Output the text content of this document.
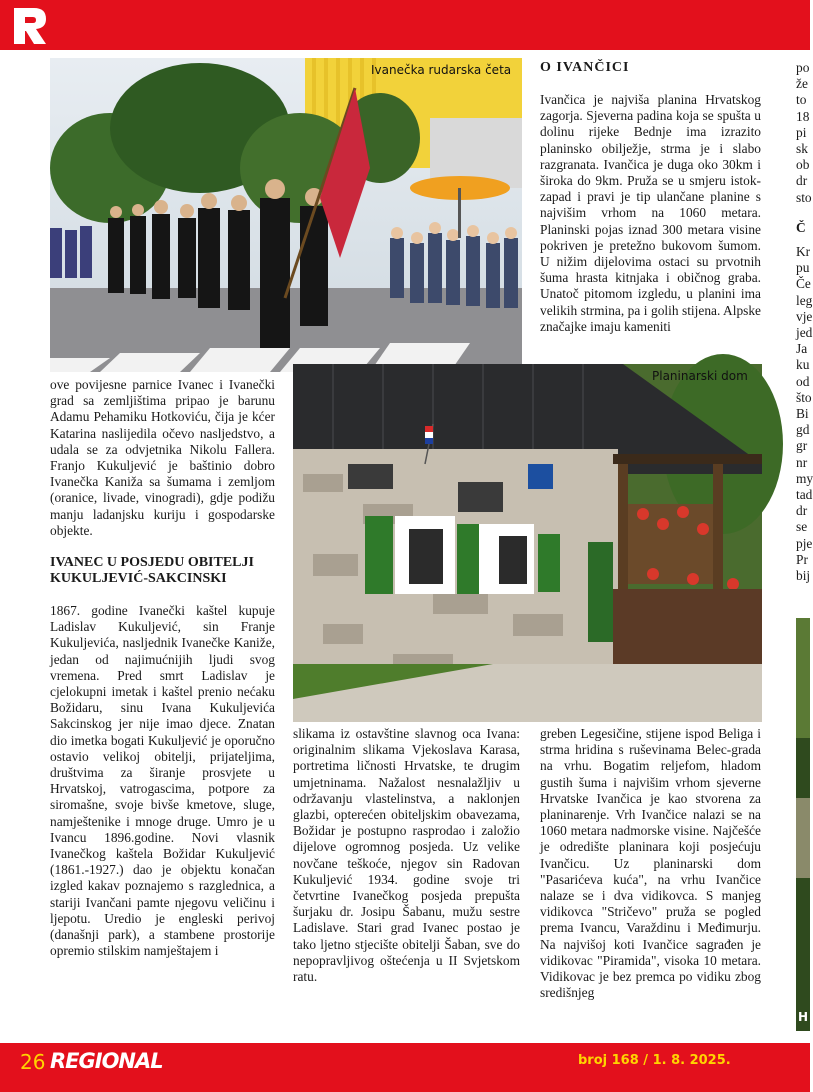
Ivanečka rudarska četa O IVANČICI

Ivančica je najviša planina Hrvatskog zagorja. Sjeverna padina koja se spušta u dolinu rijeke Bednje ima izrazito planinsko obilježje, strma je i slabo razgranata. Ivančica je duga oko 30km i široka do 9km. Pruža se u smjeru istok-zapad i pravi je tip ulančane planine s najvišim vrhom na 1060 metara. Planinski pojas iznad 300 metara visine pokriven je pretežno bukovom šumom. U nižim dijelovima ostaci su prvotnih šuma hrasta kitnjaka i običnog graba. Unatoč pitomom izgledu, u planini ima velikih strmina, pa i golih stijena. Alpske značajke imaju kameniti

Planinarski dom

ove povijesne parnice Ivanec i Ivanečki grad sa zemljištima pripao je barunu Adamu Pehamiku Hotkoviću, čija je kćer Katarina naslijedila očevo nasljedstvo, a udala se za odvjetnika Nikolu Fallera. Franjo Kukuljević je baštinio dobro Ivanečka Kaniža sa šumama i zemljom (oranice, livade, vinogradi), gdje podižu manju ladanjsku kuriju i gospodarske objekte.

IVANEC U POSJEDU OBITELJI KUKULJEVIĆ-SAKCINSKI

1867. godine Ivanečki kaštel kupuje Ladislav Kukuljević, sin Franje Kukuljevića, nasljednik Ivanečke Kaniže, jedan od najimućnijih ljudi svog vremena. Pred smrt Ladislav je cjelokupni imetak i kaštel prenio nećaku Božidaru, sinu Ivana Kukuljevića Sakcinskog jer nije imao djece. Znatan dio imetka bogati Kukuljević je oporučno ostavio velikoj obitelji, prijateljima, društvima za širanje prosvjete u Hrvatskoj, vatrogascima, potpore za siromašne, svoje bivše kmetove, sluge, namještenike i mnoge druge. Umro je u Ivancu 1896.godine. Novi vlasnik Ivanečkog kaštela Božidar Kukuljević (1861.-1927.) dao je objektu konačan izgled kakav poznajemo s razglednica, a stariji Ivančani pamte njegovu veličinu i ljepotu. Uredio je engleski perivoj (današnji park), a stambene prostorije opremio stilskim namještajem i

slikama iz ostavštine slavnog oca Ivana: originalnim slikama Vjekoslava Karasa, portretima ličnosti Hrvatske, te drugim umjetninama. Nažalost nesnalažljiv u održavanju vlastelinstva, a naklonjen glazbi, opterećen obiteljskim obavezama, Božidar je postupno rasprodao i založio dijelove ogromnog posjeda. Uz velike novčane teškoće, njegov sin Radovan Kukuljević 1934. godine svoje tri četvrtine Ivanečkog posjeda prepušta šurjaku dr. Josipu Šabanu, mužu sestre Ladislave. Stari grad Ivanec postao je tako ljetno stjecište obitelji Šaban, sve do nepopravljivog oštećenja u II Svjetskom ratu.

greben Legesičine, stijene ispod Beliga i strma hridina s ruševinama Belec-grada na vrhu. Bogatim reljefom, hladom gustih šuma i najvišim vrhom sjeverne Hrvatske Ivančica je kao stvorena za planinarenje. Vrh Ivančice nalazi se na 1060 metara nadmorske visine. Najčešće je odredište planinara koji posjećuju Ivančicu. Uz planinarski dom "Pasarićeva kuća", na vrhu Ivančice nalaze se i dva vidikovca. S manjeg vidikovca "Stričevo" pruža se pogled prema Ivancu, Varaždinu i Međimurju. Na najvišoj koti Ivančice sagrađen je vidikovac "Piramida", visoka 10 metara. Vidikovac je bez premca po vidiku zbog središnjeg

po
že
to
18
pi
sk
ob
dr
sto
Č
Kr
pu
Če
leg
vje
jed
Ja
ku
od
što
Bi
gd
gr
nr
my
tad
dr
se
pje
Pr
bij
H
26 REGIONAL	broj 168 / 1. 8. 2025.
